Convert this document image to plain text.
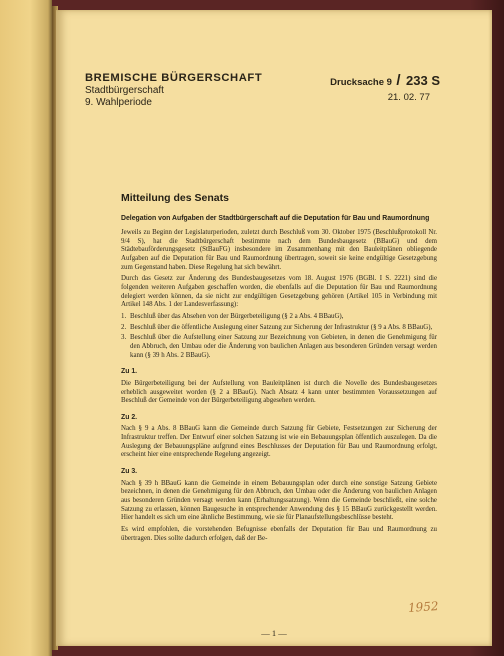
BREMISCHE BÜRGERSCHAFT
Stadtbürgerschaft
9. Wahlperiode
Drucksache 9 / 233 S
21. 02. 77
Mitteilung des Senats
Delegation von Aufgaben der Stadtbürgerschaft auf die Deputation für Bau und Raumordnung

Jeweils zu Beginn der Legislaturperioden, zuletzt durch Beschluß vom 30. Oktober 1975 (Beschlußprotokoll Nr. 9/4 S), hat die Stadtbürgerschaft bestimmte nach dem Bundesbaugesetz (BBauG) und dem Städtebauförderungsgesetz (StBauFG) insbesondere im Zusammenhang mit den Bauleitplänen obliegende Aufgaben auf die Deputation für Bau und Raumordnung übertragen, soweit sie keine endgültige Gesetzgebung zum Gegenstand haben. Diese Regelung hat sich bewährt.

Durch das Gesetz zur Änderung des Bundesbaugesetzes vom 18. August 1976 (BGBl. I S. 2221) sind die folgenden weiteren Aufgaben geschaffen worden, die ebenfalls auf die Deputation für Bau und Raumordnung delegiert werden können, da sie nicht zur endgültigen Gesetzgebung gehören (Artikel 105 in Verbindung mit Artikel 148 Abs. 1 der Landesverfassung):

1. Beschluß über das Absehen von der Bürgerbeteiligung (§ 2 a Abs. 4 BBauG),
2. Beschluß über die öffentliche Auslegung einer Satzung zur Sicherung der Infrastruktur (§ 9 a Abs. 8 BBauG),
3. Beschluß über die Aufstellung einer Satzung zur Bezeichnung von Gebieten, in denen die Genehmigung für den Abbruch, den Umbau oder die Änderung von baulichen Anlagen aus besonderen Gründen versagt werden kann (§ 39 h Abs. 2 BBauG).
Zu 1.

Die Bürgerbeteiligung bei der Aufstellung von Bauleitplänen ist durch die Novelle des Bundesbaugesetzes erheblich ausgeweitet worden (§ 2 a BBauG). Nach Absatz 4 kann unter bestimmten Voraussetzungen auf Beschluß der Gemeinde von der Bürgerbeteiligung abgesehen werden.

Zu 2.

Nach § 9 a Abs. 8 BBauG kann die Gemeinde durch Satzung für Gebiete, Festsetzungen zur Sicherung der Infrastruktur treffen. Der Entwurf einer solchen Satzung ist wie ein Bebauungsplan öffentlich auszulegen. Da die Auslegung der Bebauungspläne aufgrund eines Beschlusses der Deputation für Bau und Raumordnung erfolgt, erscheint hier eine entsprechende Regelung angezeigt.

Zu 3.

Nach § 39 h BBauG kann die Gemeinde in einem Bebauungsplan oder durch eine sonstige Satzung Gebiete bezeichnen, in denen die Genehmigung für den Abbruch, den Umbau oder die Änderung von baulichen Anlagen aus besonderen Gründen versagt werden kann (Erhaltungssatzung). Wenn die Gemeinde beschließt, eine solche Satzung zu erlassen, können Baugesuche in entsprechender Anwendung des § 15 BBauG zurückgestellt werden. Hier handelt es sich um eine ähnliche Bestimmung, wie sie für Planaufstellungsbeschlüsse besteht.

Es wird empfohlen, die vorstehenden Befugnisse ebenfalls der Deputation für Bau und Raumordnung zu übertragen. Dies sollte dadurch erfolgen, daß der Be-

— 1 —
1952
